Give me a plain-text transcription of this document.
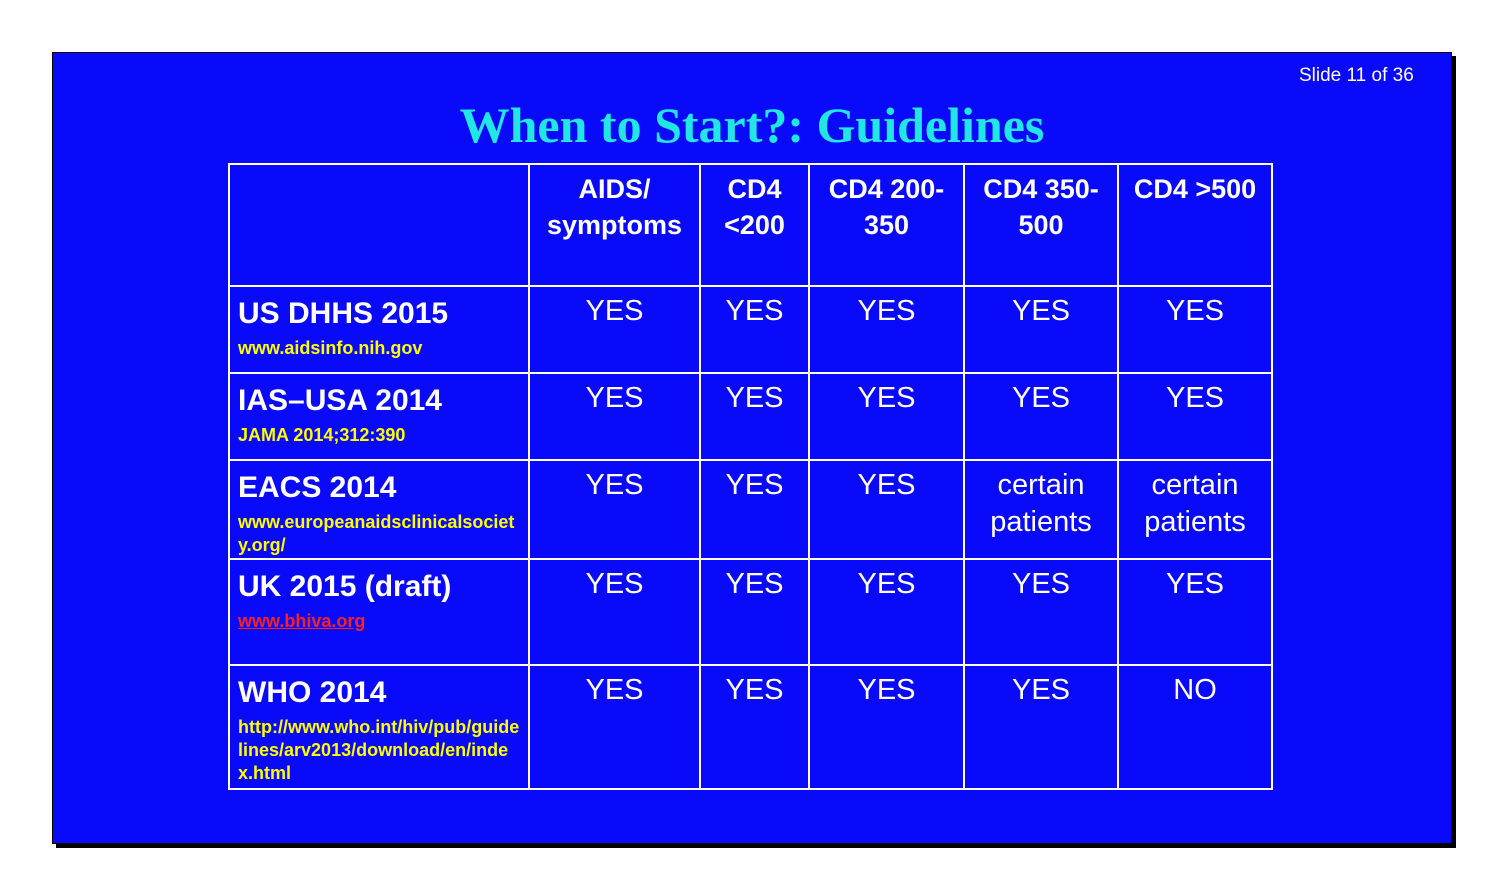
Slide 11 of 36
When to Start?: Guidelines
	AIDS/ symptoms	CD4 <200	CD4 200-350	CD4 350-500	CD4 >500

US DHHS 2015
www.aidsinfo.nih.gov	YES	YES	YES	YES	YES

IAS–USA 2014
JAMA 2014;312:390	YES	YES	YES	YES	YES

EACS 2014
www.europeanaidsclinicalsociety.org/	YES	YES	YES	certain patients	certain patients

UK 2015 (draft)
www.bhiva.org	YES	YES	YES	YES	YES

WHO 2014
http://www.who.int/hiv/pub/guidelines/arv2013/download/en/index.html	YES	YES	YES	YES	NO
